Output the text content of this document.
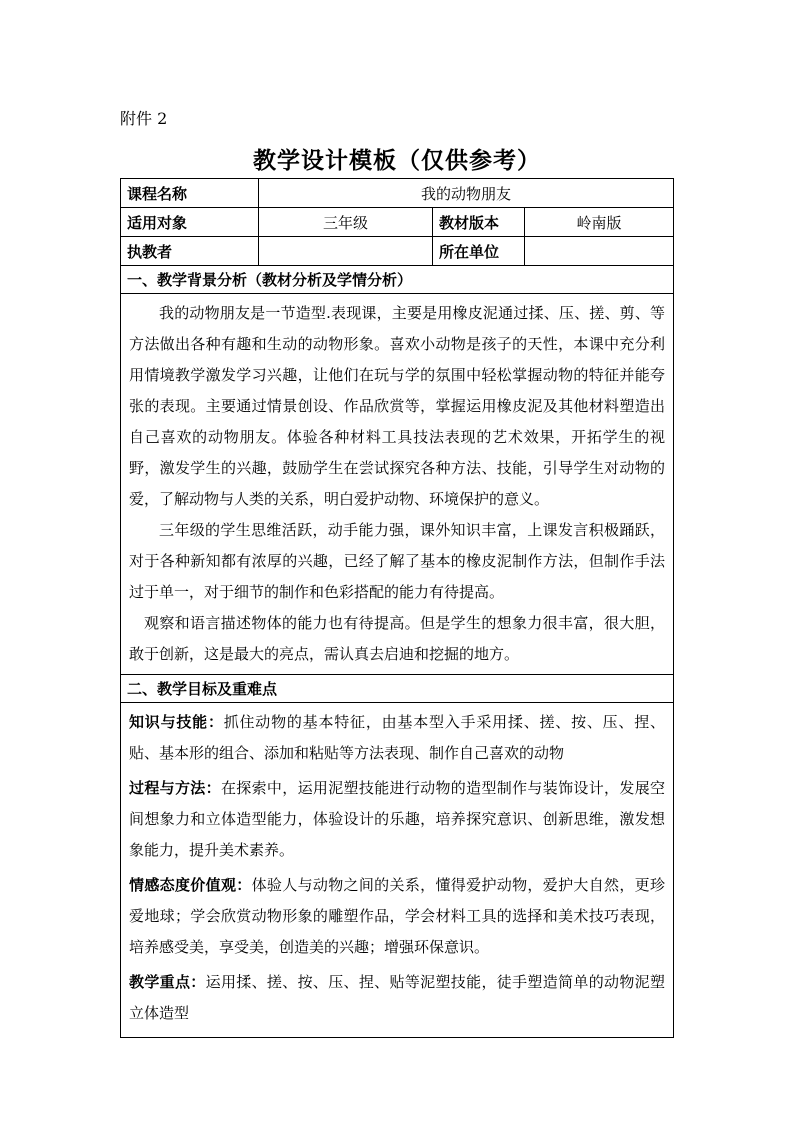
附件 2
教学设计模板（仅供参考）
课程名称	我的动物朋友		
适用对象	三年级	教材版本	岭南版
执教者		所在单位	
一、教学背景分析（教材分析及学情分析）			

我的动物朋友是一节造型.表现课，主要是用橡皮泥通过揉、压、搓、剪、等方法做出各种有趣和生动的动物形象。喜欢小动物是孩子的天性，本课中充分利用情境教学激发学习兴趣，让他们在玩与学的氛围中轻松掌握动物的特征并能夸张的表现。主要通过情景创设、作品欣赏等，掌握运用橡皮泥及其他材料塑造出自己喜欢的动物朋友。体验各种材料工具技法表现的艺术效果，开拓学生的视野，激发学生的兴趣，鼓励学生在尝试探究各种方法、技能，引导学生对动物的爱，了解动物与人类的关系，明白爱护动物、环境保护的意义。

三年级的学生思维活跃，动手能力强，课外知识丰富，上课发言积极踊跃，对于各种新知都有浓厚的兴趣，已经了解了基本的橡皮泥制作方法，但制作手法过于单一，对于细节的制作和色彩搭配的能力有待提高。

观察和语言描述物体的能力也有待提高。但是学生的想象力很丰富，很大胆，敢于创新，这是最大的亮点，需认真去启迪和挖掘的地方。			

二、教学目标及重难点			

知识与技能：抓住动物的基本特征，由基本型入手采用揉、搓、按、压、捏、贴、基本形的组合、添加和粘贴等方法表现、制作自己喜欢的动物

过程与方法：在探索中，运用泥塑技能进行动物的造型制作与装饰设计，发展空间想象力和立体造型能力，体验设计的乐趣，培养探究意识、创新思维，激发想象能力，提升美术素养。

情感态度价值观：体验人与动物之间的关系，懂得爱护动物，爱护大自然，更珍爱地球；学会欣赏动物形象的雕塑作品，学会材料工具的选择和美术技巧表现，培养感受美，享受美，创造美的兴趣；增强环保意识。

教学重点：运用揉、搓、按、压、捏、贴等泥塑技能，徒手塑造简单的动物泥塑立体造型			
